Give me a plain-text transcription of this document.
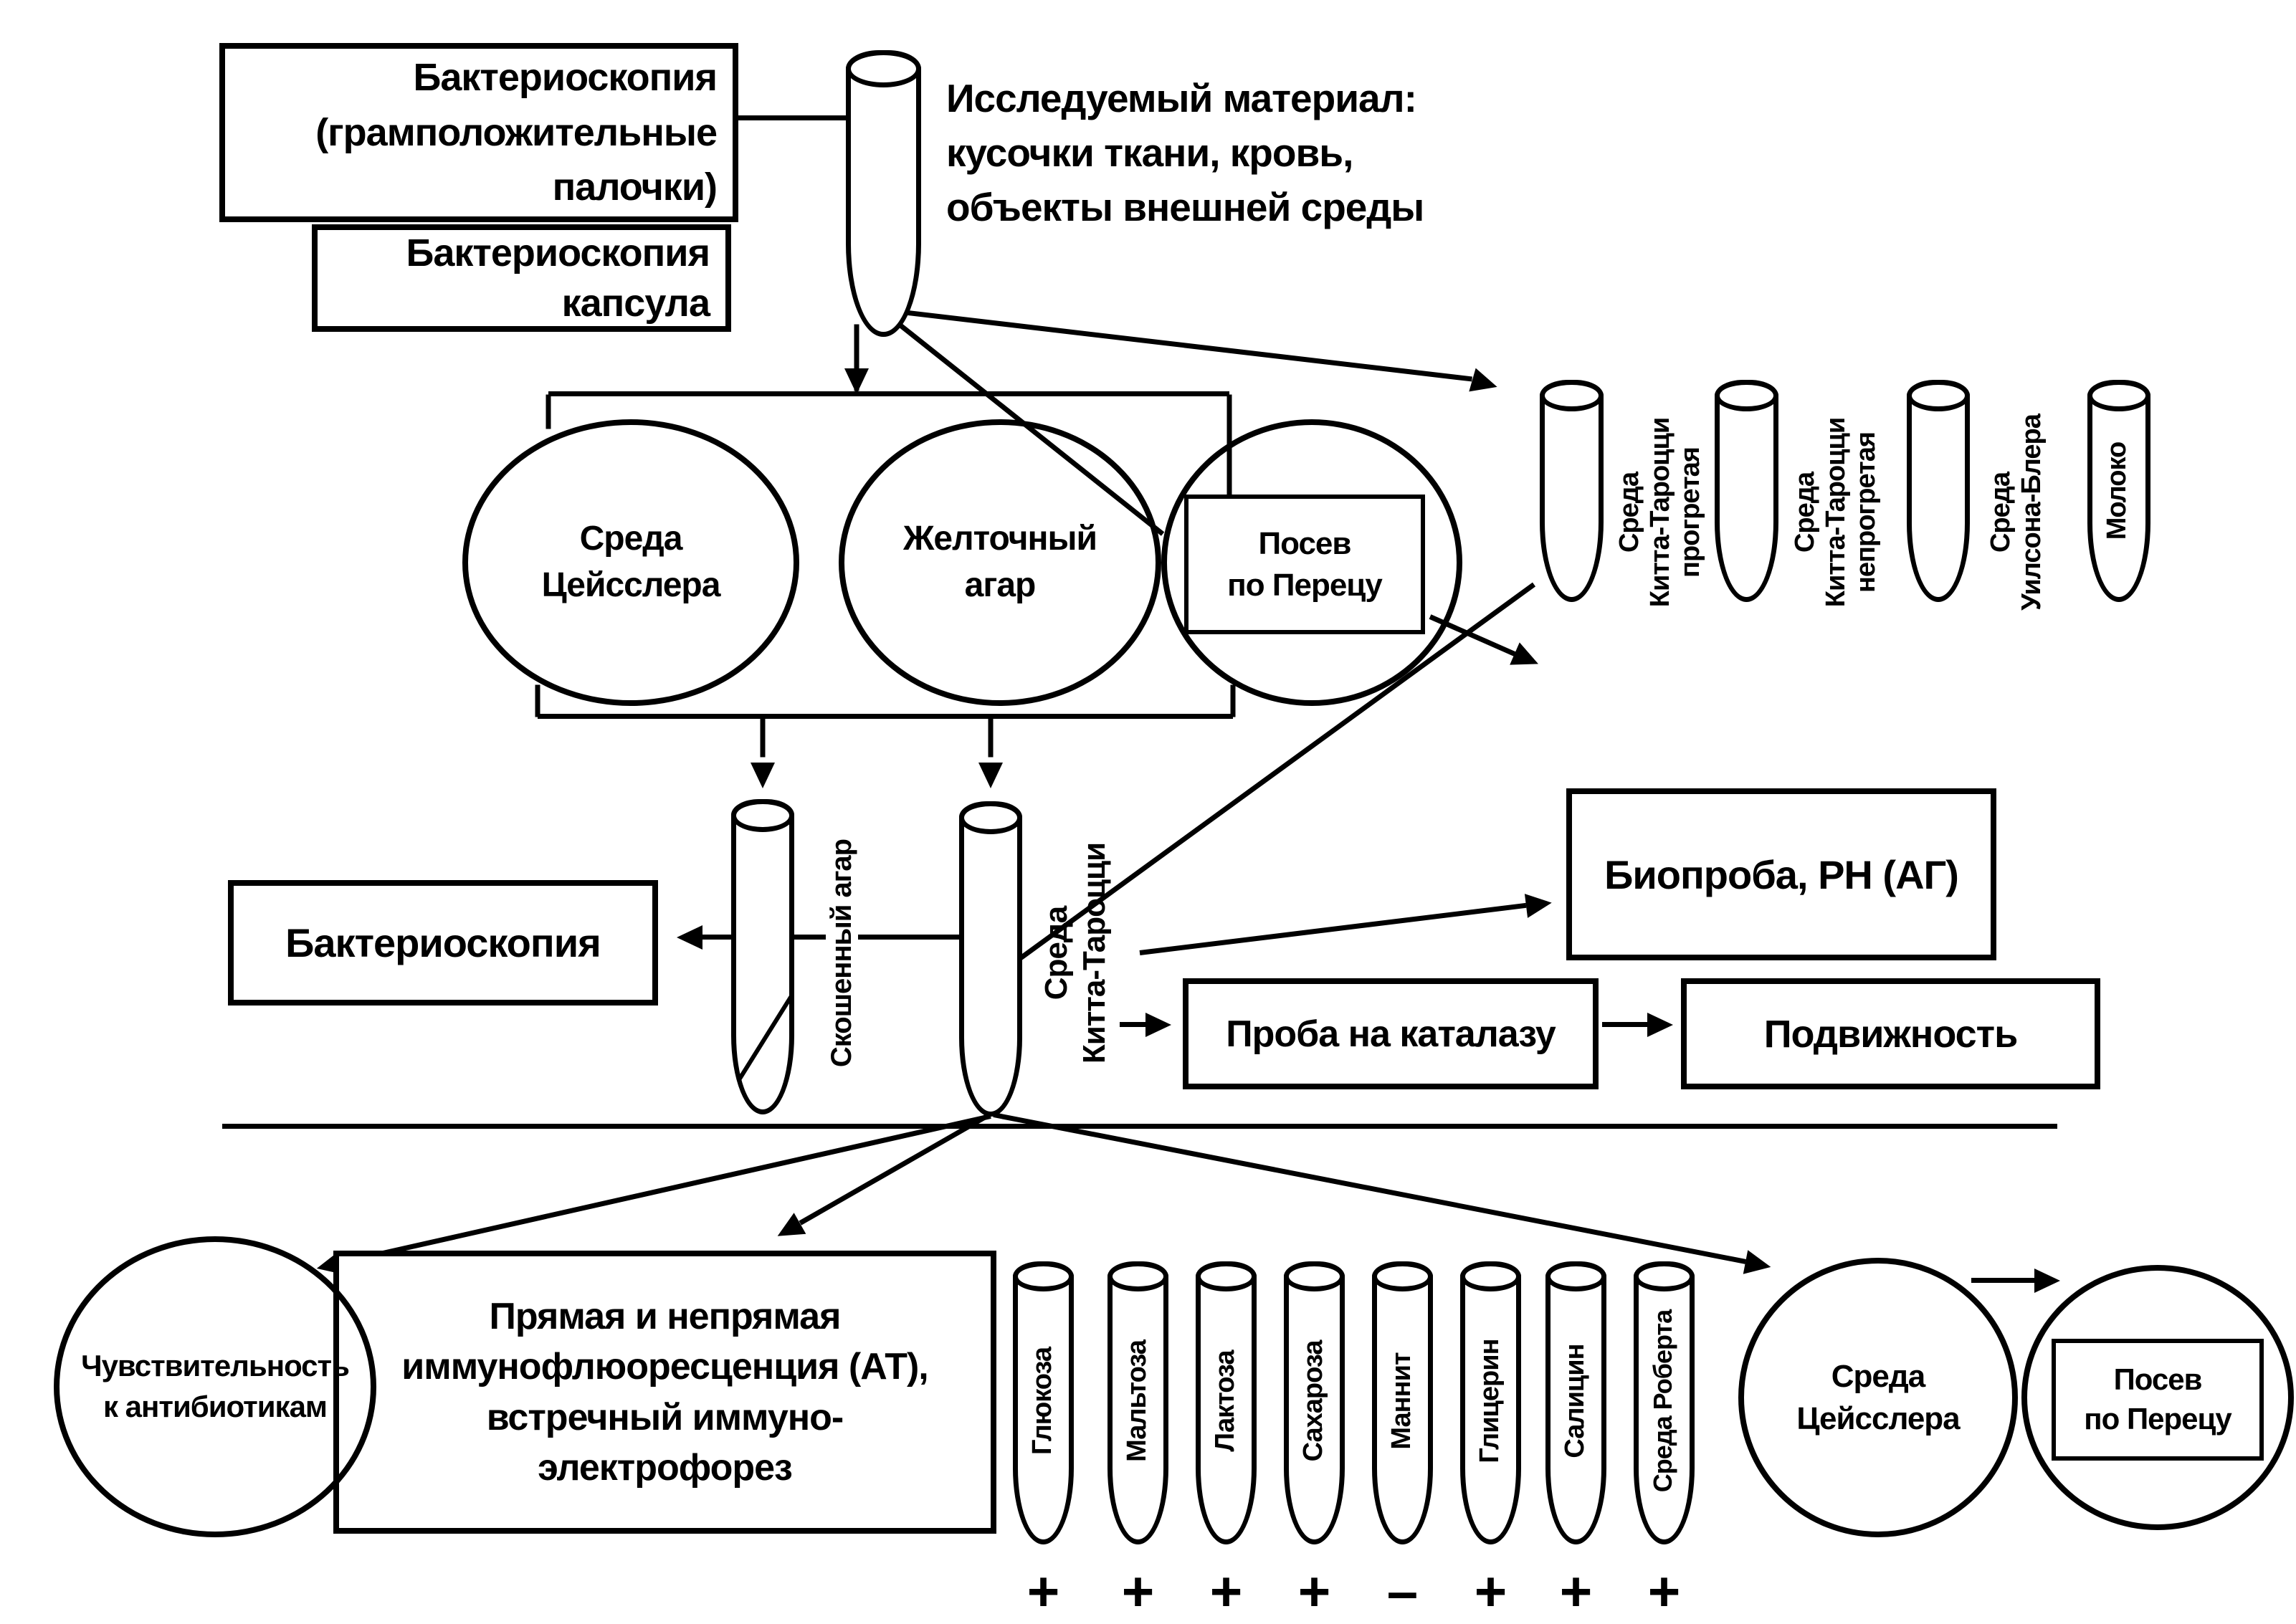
Бактериоскопия
(грамположительные
палочки)
Бактериоскопия
капсула
Исследуемый материал:
кусочки ткани, кровь,
объекты внешней среды
Бактериоскопия
Биопроба, РН (АГ)
Проба на каталазу	Подвижность
Прямая и непрямая
иммунофлюоресценция (АТ),
встречный иммуно-
электрофорез
Среда
Цейсслера
Желточный
агар
Посев
по Перецу
Чувствительность
к антибиотикам
Среда
Цейсслера
Посев
по Перецу
Скошенный агар	Среда
Китта-Тароцци
Среда
Китта-Тароцци
прогретая	Среда
Китта-Тароцци
непрогретая	Среда
Уилсона-Блера Молоко
Глюкоза
+
Мальтоза
+
Лактоза
+
Сахароза
+
Маннит
–
Глицерин
+
Салицин
+
Среда Роберта
+
